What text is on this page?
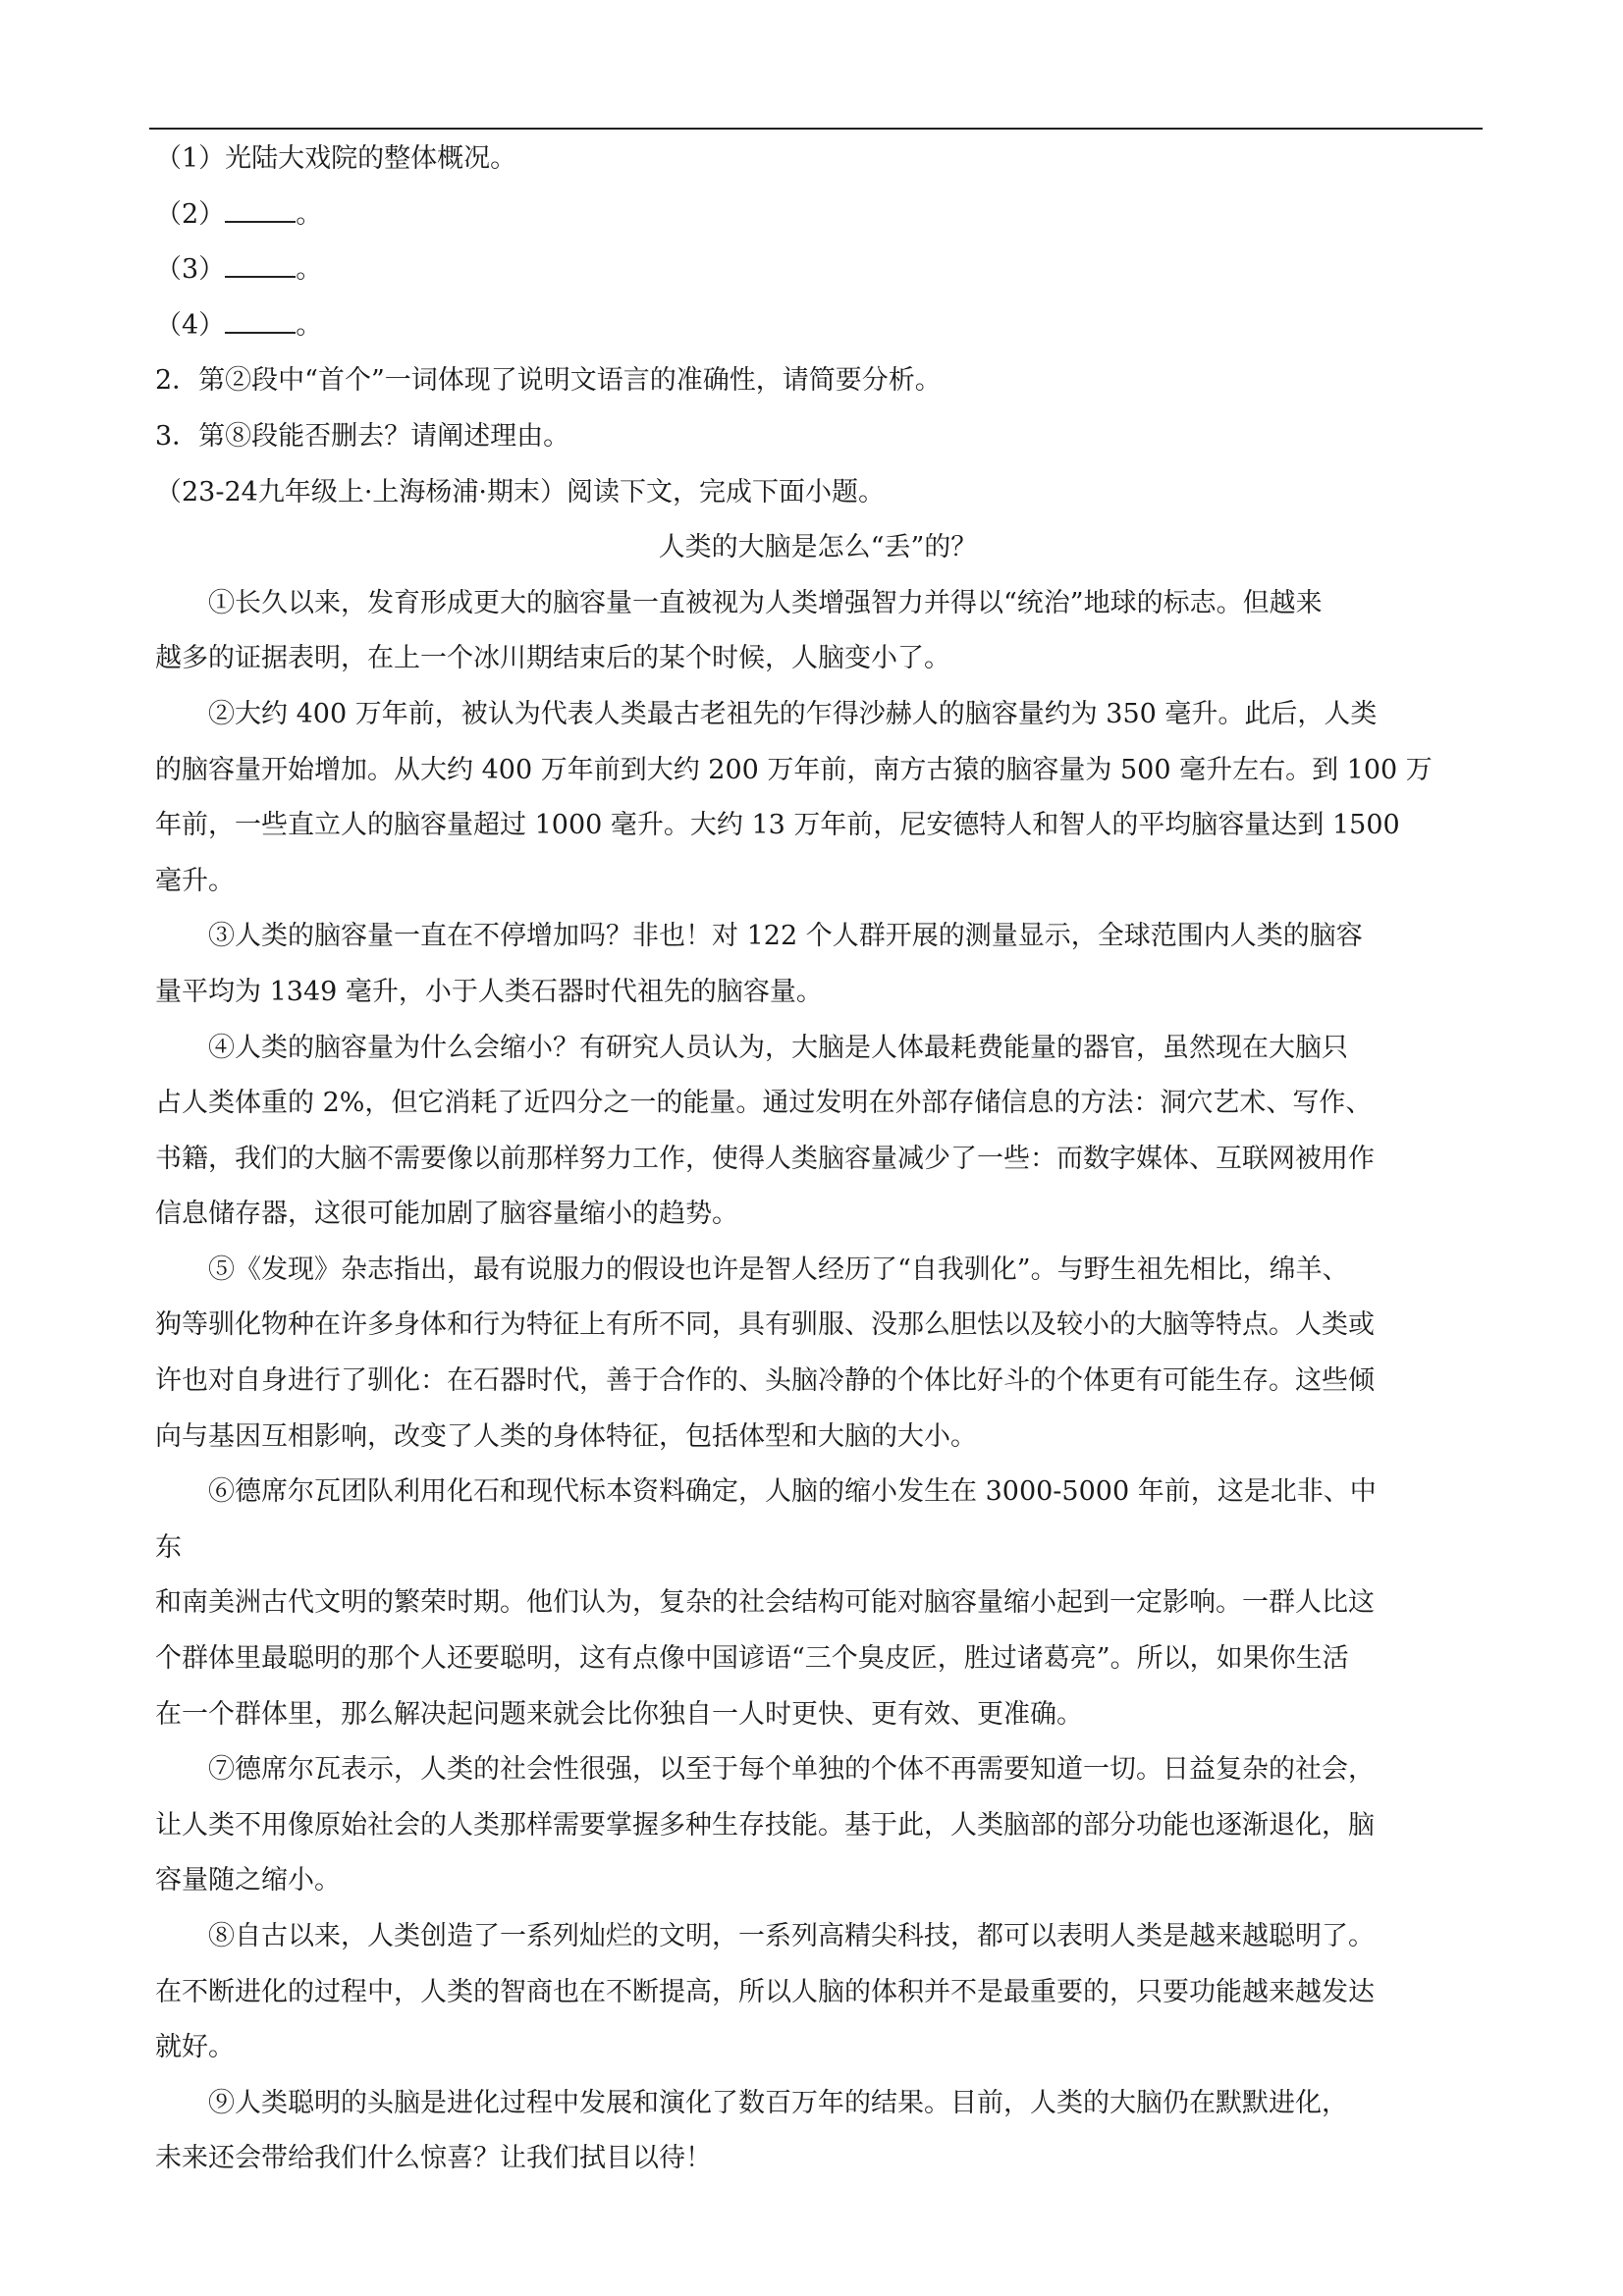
（1）光陆大戏院的整体概况。
（2）	。
（3）	。
（4）	。
2．第②段中“首个”一词体现了说明文语言的准确性，请简要分析。
3．第⑧段能否删去？请阐述理由。
（23-24九年级上·上海杨浦·期末）阅读下文，完成下面小题。
人类的大脑是怎么“丢”的？
①长久以来，发育形成更大的脑容量一直被视为人类增强智力并得以“统治”地球的标志。但越来
越多的证据表明，在上一个冰川期结束后的某个时候，人脑变小了。
②大约 400 万年前，被认为代表人类最古老祖先的乍得沙赫人的脑容量约为 350 毫升。此后，人类
的脑容量开始增加。从大约 400 万年前到大约 200 万年前，南方古猿的脑容量为 500 毫升左右。到 100 万
年前，一些直立人的脑容量超过 1000 毫升。大约 13 万年前，尼安德特人和智人的平均脑容量达到 1500
毫升。
③人类的脑容量一直在不停增加吗？非也！对 122 个人群开展的测量显示，全球范围内人类的脑容
量平均为 1349 毫升，小于人类石器时代祖先的脑容量。
④人类的脑容量为什么会缩小？有研究人员认为，大脑是人体最耗费能量的器官，虽然现在大脑只
占人类体重的 2%，但它消耗了近四分之一的能量。通过发明在外部存储信息的方法：洞穴艺术、写作、
书籍，我们的大脑不需要像以前那样努力工作，使得人类脑容量减少了一些：而数字媒体、互联网被用作
信息储存器，这很可能加剧了脑容量缩小的趋势。
⑤《发现》杂志指出，最有说服力的假设也许是智人经历了“自我驯化”。与野生祖先相比，绵羊、
狗等驯化物种在许多身体和行为特征上有所不同，具有驯服、没那么胆怯以及较小的大脑等特点。人类或
许也对自身进行了驯化：在石器时代，善于合作的、头脑冷静的个体比好斗的个体更有可能生存。这些倾
向与基因互相影响，改变了人类的身体特征，包括体型和大脑的大小。
⑥德席尔瓦团队利用化石和现代标本资料确定，人脑的缩小发生在 3000-5000 年前，这是北非、中
东
和南美洲古代文明的繁荣时期。他们认为，复杂的社会结构可能对脑容量缩小起到一定影响。一群人比这
个群体里最聪明的那个人还要聪明，这有点像中国谚语“三个臭皮匠，胜过诸葛亮”。所以，如果你生活
在一个群体里，那么解决起问题来就会比你独自一人时更快、更有效、更准确。
⑦德席尔瓦表示，人类的社会性很强，以至于每个单独的个体不再需要知道一切。日益复杂的社会，
让人类不用像原始社会的人类那样需要掌握多种生存技能。基于此，人类脑部的部分功能也逐渐退化，脑
容量随之缩小。
⑧自古以来，人类创造了一系列灿烂的文明，一系列高精尖科技，都可以表明人类是越来越聪明了。
在不断进化的过程中，人类的智商也在不断提高，所以人脑的体积并不是最重要的，只要功能越来越发达
就好。
⑨人类聪明的头脑是进化过程中发展和演化了数百万年的结果。目前，人类的大脑仍在默默进化，
未来还会带给我们什么惊喜？让我们拭目以待！
